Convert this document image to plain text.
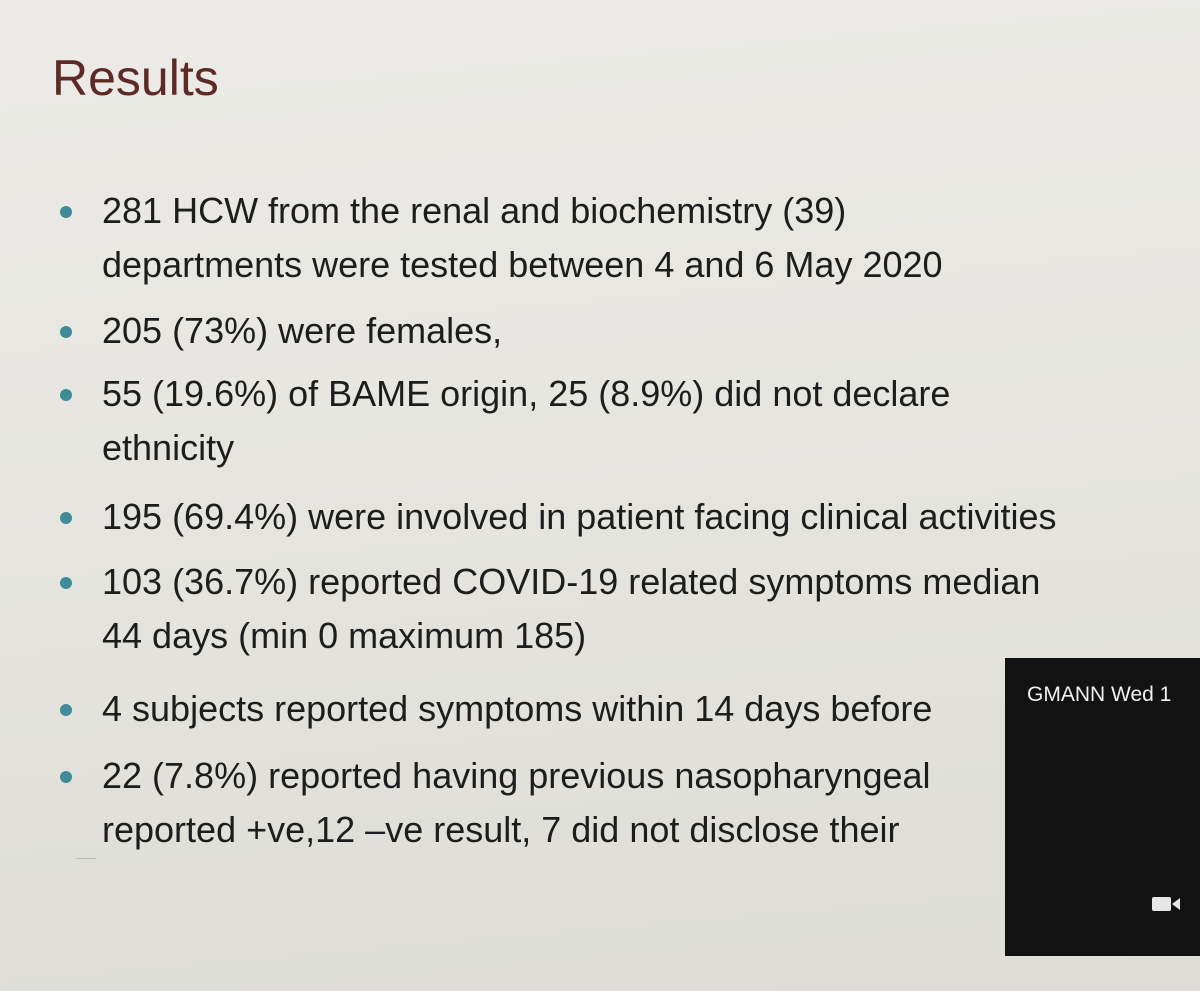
Results
281 HCW from the renal and biochemistry (39)
departments were tested between 4 and 6 May 2020
205 (73%) were females,
55 (19.6%) of BAME origin, 25 (8.9%) did not declare
ethnicity
195 (69.4%) were involved in patient facing clinical activities
103 (36.7%) reported COVID-19 related symptoms median
44 days (min 0 maximum 185)
4 subjects reported symptoms within 14 days before
22 (7.8%) reported having previous nasopharyngeal
reported +ve,12 –ve result, 7 did not disclose their
GMANN Wed 1
